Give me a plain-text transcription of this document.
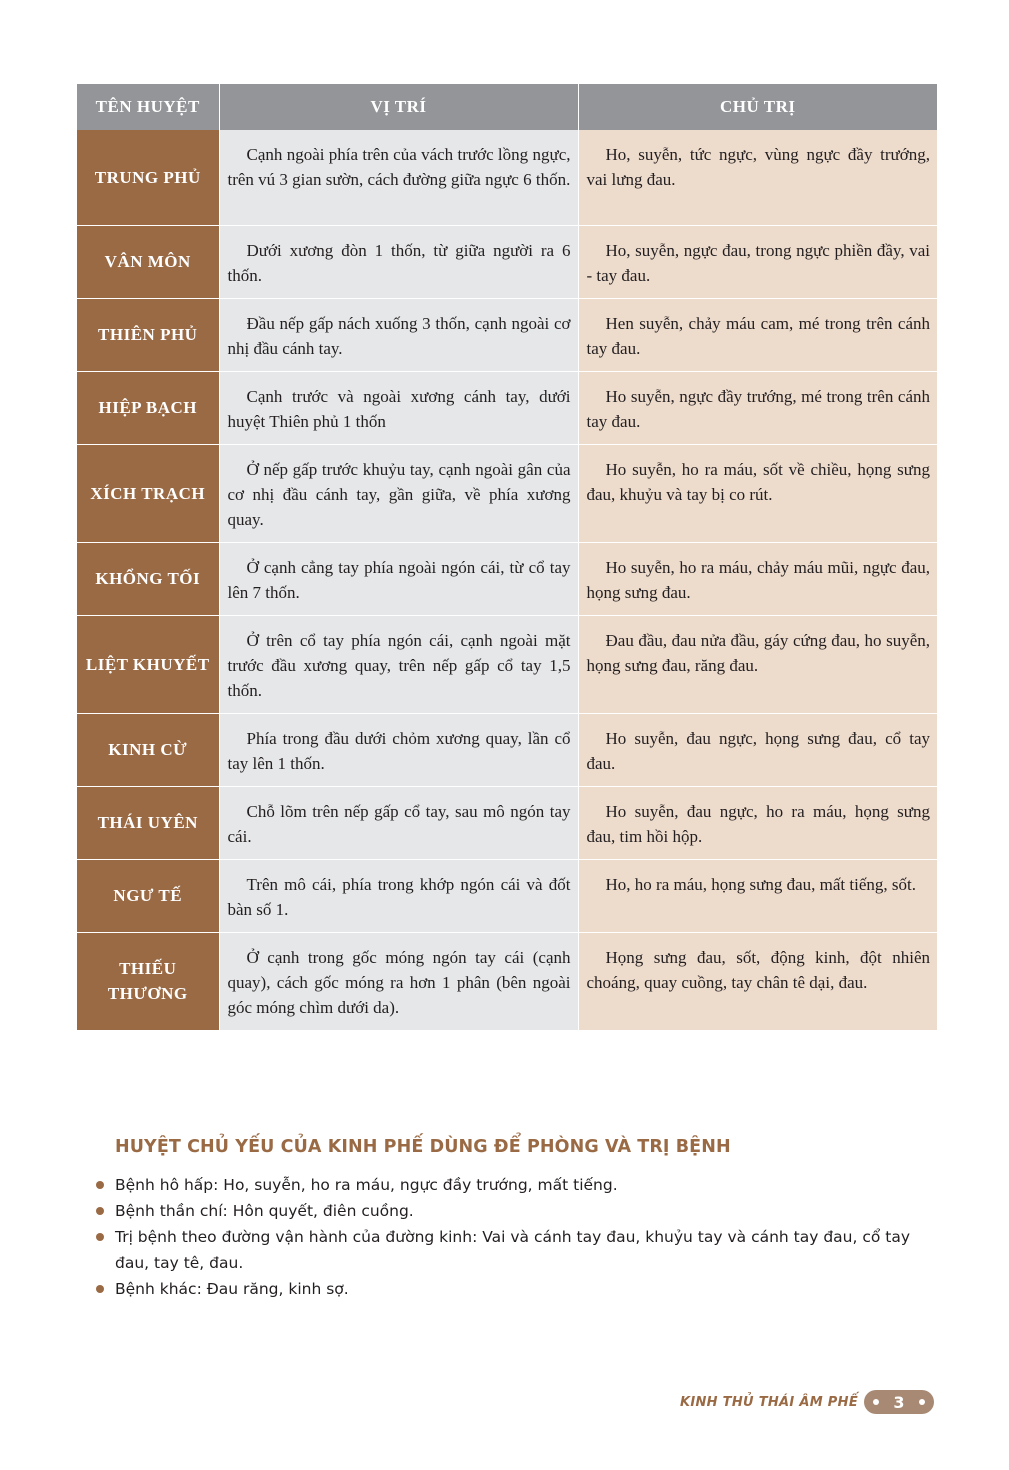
TÊN HUYỆT	VỊ TRÍ	CHỦ TRỊ
TRUNG PHỦ	Cạnh ngoài phía trên của vách trước lồng ngực, trên vú 3 gian sườn, cách đường giữa ngực 6 thốn.	Ho, suyễn, tức ngực, vùng ngực đầy trướng, vai lưng đau.
VÂN MÔN	Dưới xương đòn 1 thốn, từ giữa người ra 6 thốn.	Ho, suyễn, ngực đau, trong ngực phiền đầy, vai - tay đau.
THIÊN PHỦ	Đầu nếp gấp nách xuống 3 thốn, cạnh ngoài cơ nhị đầu cánh tay.	Hen suyễn, chảy máu cam, mé trong trên cánh tay đau.
HIỆP BẠCH	Cạnh trước và ngoài xương cánh tay, dưới huyệt Thiên phủ 1 thốn	Ho suyễn, ngực đầy trướng, mé trong trên cánh tay đau.
XÍCH TRẠCH	Ở nếp gấp trước khuỷu tay, cạnh ngoài gân của cơ nhị đầu cánh tay, gần giữa, về phía xương quay.	Ho suyễn, ho ra máu, sốt về chiều, họng sưng đau, khuỷu và tay bị co rút.
KHỔNG TỐI	Ở cạnh cẳng tay phía ngoài ngón cái, từ cổ tay lên 7 thốn.	Ho suyễn, ho ra máu, chảy máu mũi, ngực đau, họng sưng đau.
LIỆT KHUYẾT	Ở trên cổ tay phía ngón cái, cạnh ngoài mặt trước đầu xương quay, trên nếp gấp cổ tay 1,5 thốn.	Đau đầu, đau nửa đầu, gáy cứng đau, ho suyễn, họng sưng đau, răng đau.
KINH CỪ	Phía trong đầu dưới chỏm xương quay, lần cổ tay lên 1 thốn.	Ho suyễn, đau ngực, họng sưng đau, cổ tay đau.
THÁI UYÊN	Chỗ lõm trên nếp gấp cổ tay, sau mô ngón tay cái.	Ho suyễn, đau ngực, ho ra máu, họng sưng đau, tim hồi hộp.
NGƯ TẾ	Trên mô cái, phía trong khớp ngón cái và đốt bàn số 1.	Ho, ho ra máu, họng sưng đau, mất tiếng, sốt.
THIẾU THƯƠNG	Ở cạnh trong gốc móng ngón tay cái (cạnh quay), cách gốc móng ra hơn 1 phân (bên ngoài góc móng chìm dưới da).	Họng sưng đau, sốt, động kinh, đột nhiên choáng, quay cuồng, tay chân tê dại, đau.
HUYỆT CHỦ YẾU CỦA KINH PHẾ DÙNG ĐỂ PHÒNG VÀ TRỊ BỆNH
Bệnh hô hấp: Ho, suyễn, ho ra máu, ngực đầy trướng, mất tiếng.
Bệnh thần chí: Hôn quyết, điên cuồng.
Trị bệnh theo đường vận hành của đường kinh: Vai và cánh tay đau, khuỷu tay và cánh tay đau, cổ tay đau, tay tê, đau.
Bệnh khác: Đau răng, kinh sợ.
KINH THỦ THÁI ÂM PHẾ 3
